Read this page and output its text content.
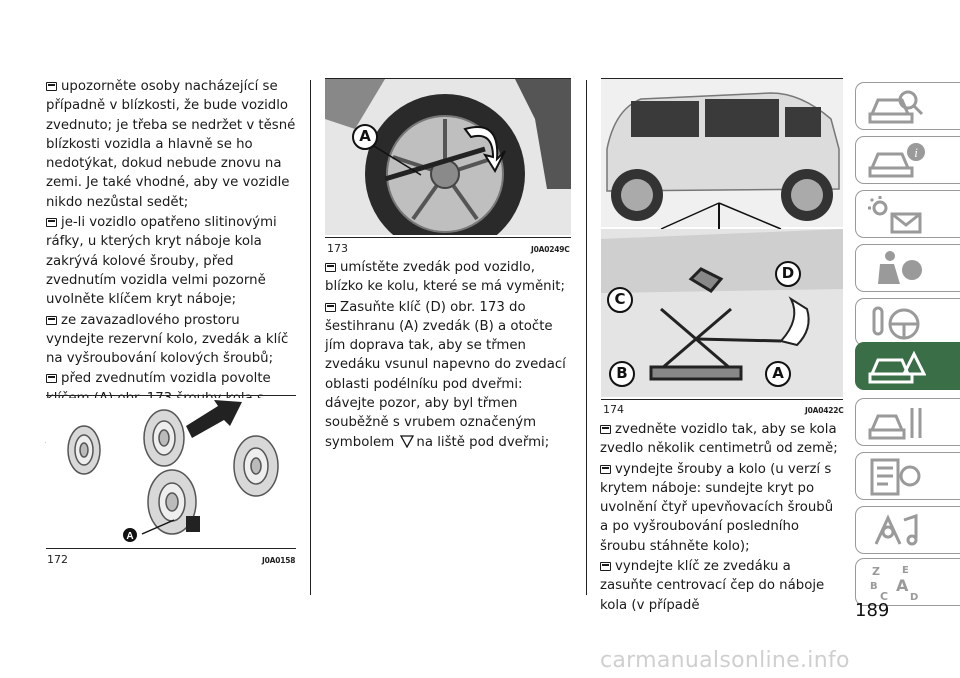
upozorněte osoby nacházející se případně v blízkosti, že bude vozidlo zvednuto; je třeba se nedržet v těsné blízkosti vozidla a hlavně se ho nedotýkat, dokud nebude znovu na zemi. Je také vhodné, aby ve vozidle nikdo nezůstal sedět;

je-li vozidlo opatřeno slitinovými ráfky, u kterých kryt náboje kola zakrývá kolové šrouby, před zvednutím vozidla velmi pozorně uvolněte klíčem kryt náboje;

ze zavazadlového prostoru vyndejte rezervní kolo, zvedák a klíč na vyšroubování kolových šroubů;

před zvednutím vozidla povolte

A
172	J0A0158
A
173	J0A0249C

umístěte zvedák pod vozidlo, blízko ke kolu, které se má vyměnit;

Zasuňte klíč (D) obr. 173 do šestihranu (A) zvedák (B) a otočte jím doprava tak, aby se třmen zvedáku vsunul napevno do zvedací oblasti podélníku pod dveřmi: dávejte pozor, aby byl třmen souběžně s vrubem označeným symbolem na liště pod dveřmi;

C
D
B	A
174	J0A0422C

zvedněte vozidlo tak, aby se kola zvedlo několik centimetrů od země;

vyndejte šrouby a kolo (u verzí s krytem náboje: sundejte kryt po uvolnění čtyř upevňovacích šroubů a po vyšroubování posledního šroubu stáhněte kolo);

vyndejte klíč ze zvedáku a zasuňte centrovací čep do náboje kola (v případě

i
Z E
B A
C D
189
carmanualsonline.info
